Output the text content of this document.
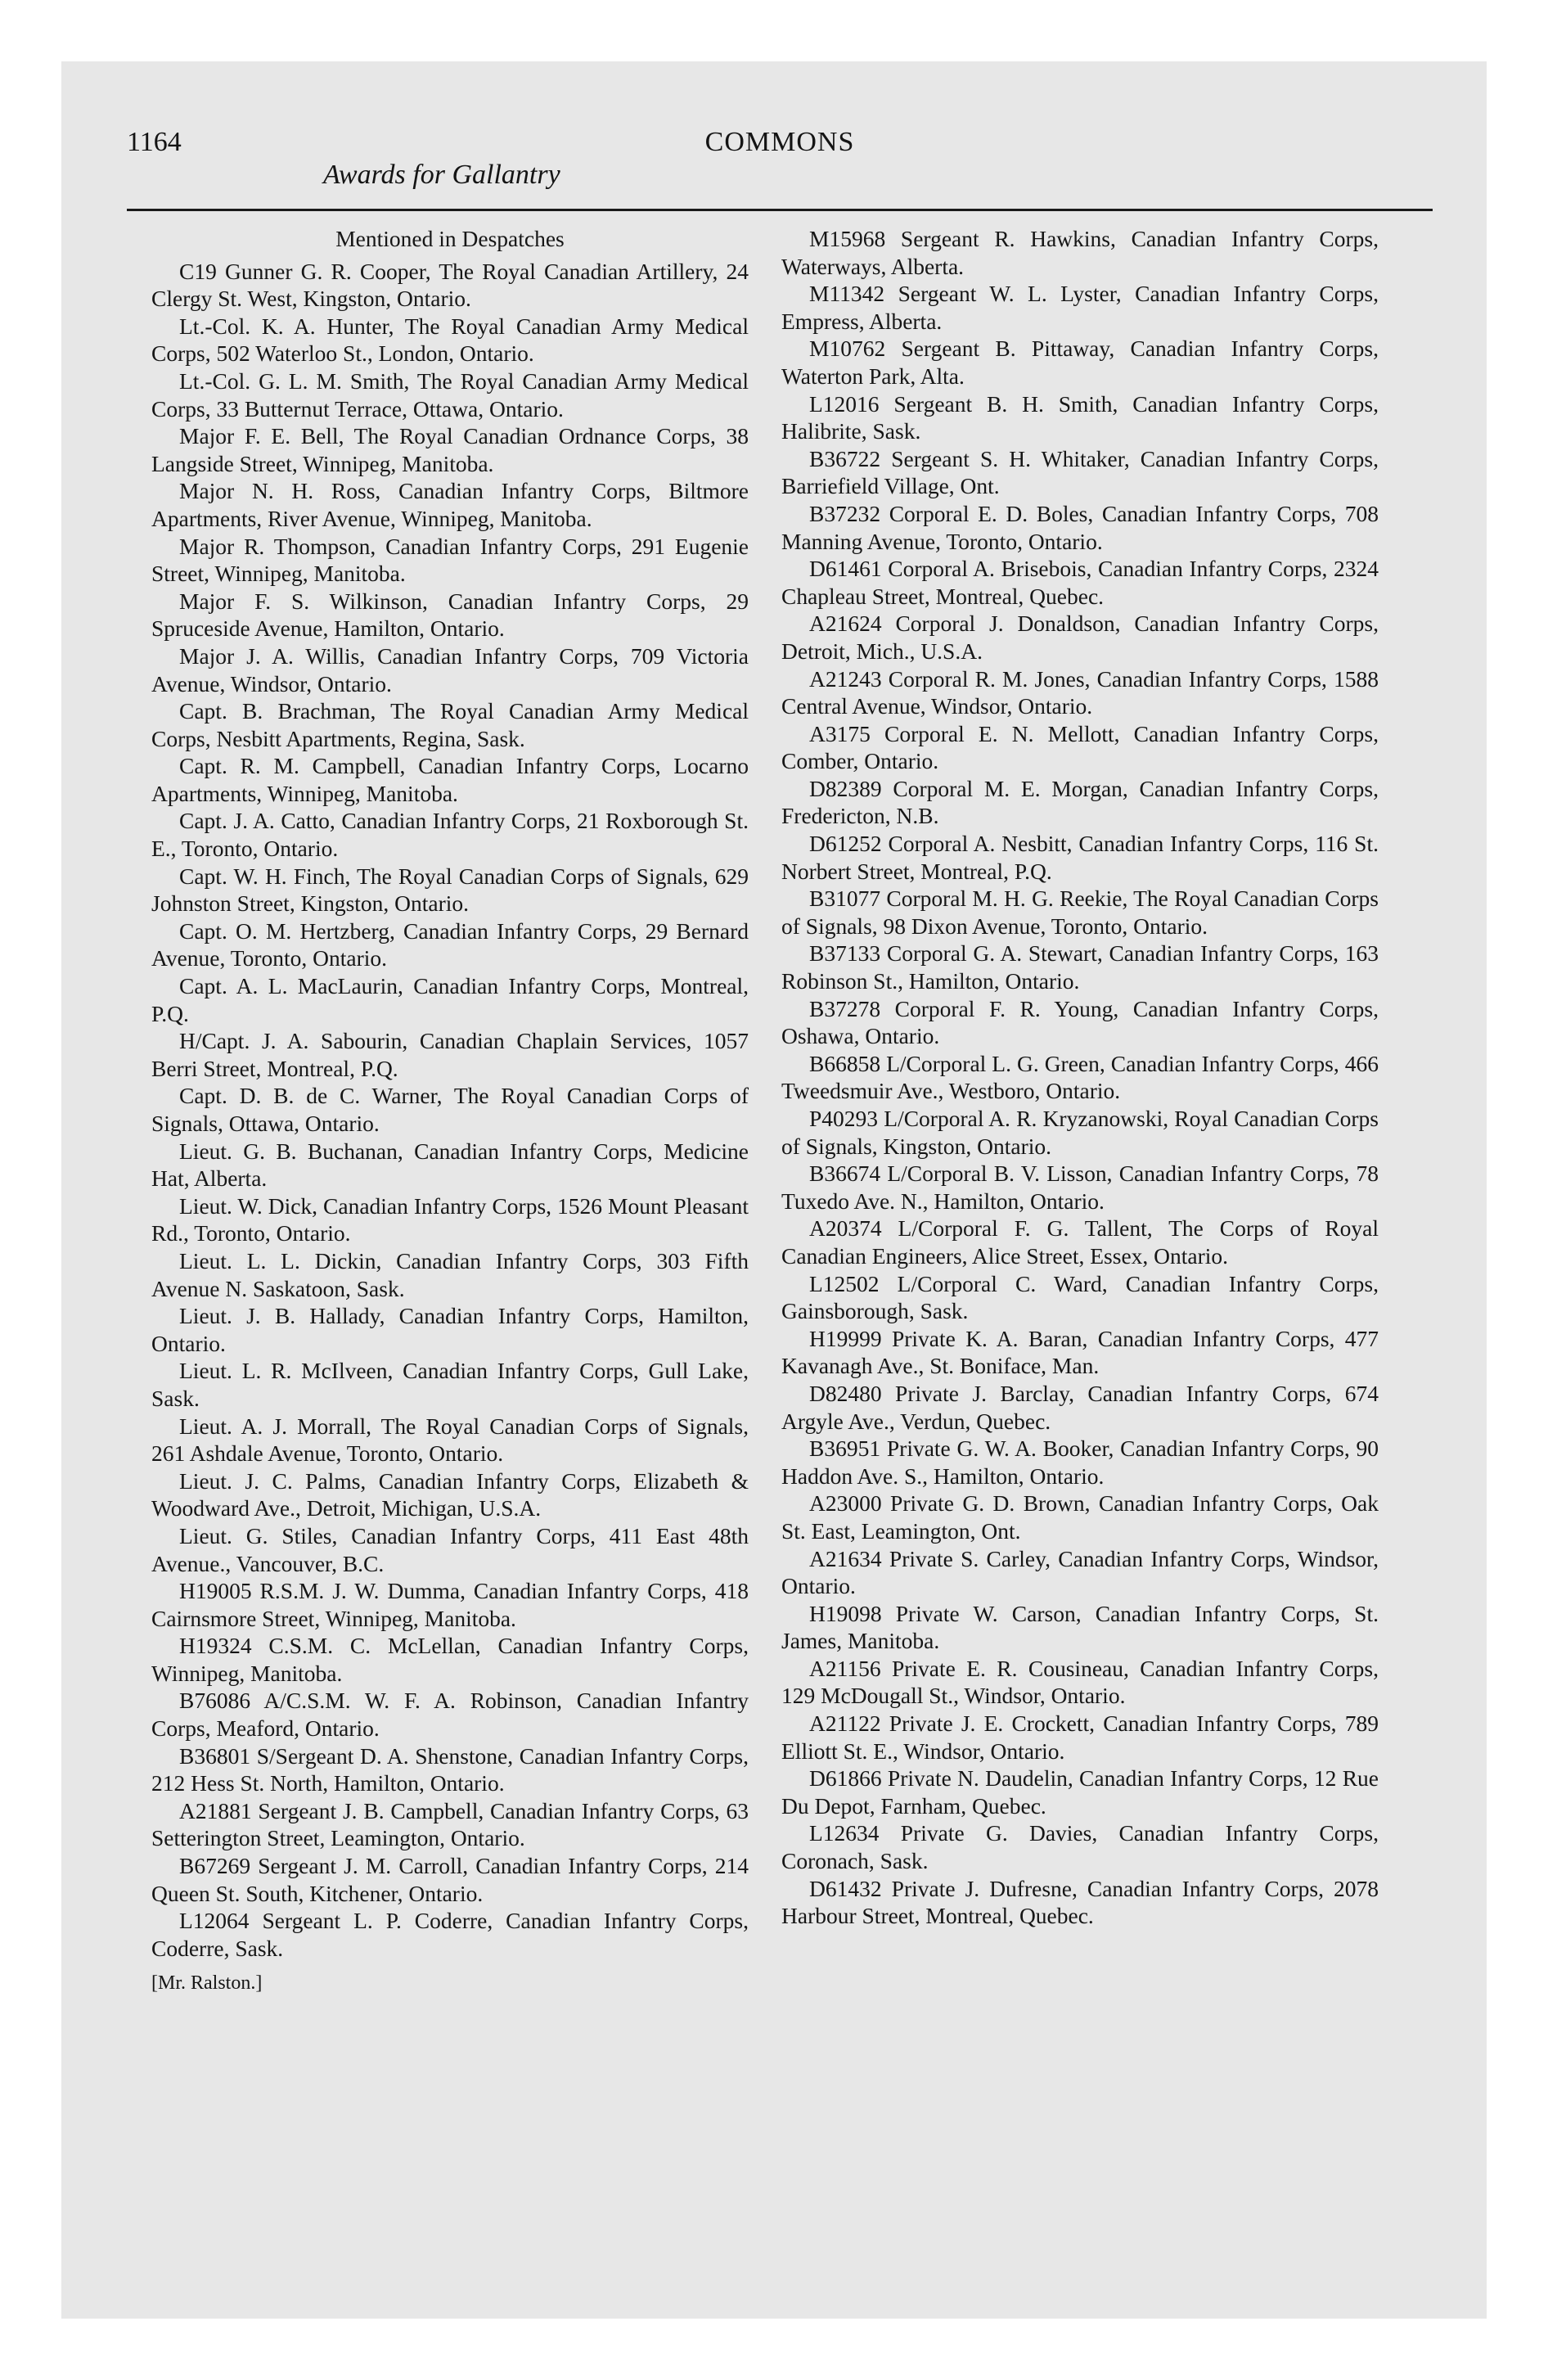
1164	COMMONS
Awards for Gallantry
Mentioned in Despatches

C19 Gunner G. R. Cooper, The Royal Canadian Artillery, 24 Clergy St. West, Kingston, Ontario.

Lt.-Col. K. A. Hunter, The Royal Canadian Army Medical Corps, 502 Waterloo St., London, Ontario.

Lt.-Col. G. L. M. Smith, The Royal Canadian Army Medical Corps, 33 Butternut Terrace, Ottawa, Ontario.

Major F. E. Bell, The Royal Canadian Ordnance Corps, 38 Langside Street, Winnipeg, Manitoba.

Major N. H. Ross, Canadian Infantry Corps, Biltmore Apartments, River Avenue, Winnipeg, Manitoba.

Major R. Thompson, Canadian Infantry Corps, 291 Eugenie Street, Winnipeg, Manitoba.

Major F. S. Wilkinson, Canadian Infantry Corps, 29 Spruceside Avenue, Hamilton, Ontario.

Major J. A. Willis, Canadian Infantry Corps, 709 Victoria Avenue, Windsor, Ontario.

Capt. B. Brachman, The Royal Canadian Army Medical Corps, Nesbitt Apartments, Regina, Sask.

Capt. R. M. Campbell, Canadian Infantry Corps, Locarno Apartments, Winnipeg, Manitoba.

Capt. J. A. Catto, Canadian Infantry Corps, 21 Roxborough St. E., Toronto, Ontario.

Capt. W. H. Finch, The Royal Canadian Corps of Signals, 629 Johnston Street, Kingston, Ontario.

Capt. O. M. Hertzberg, Canadian Infantry Corps, 29 Bernard Avenue, Toronto, Ontario.

Capt. A. L. MacLaurin, Canadian Infantry Corps, Montreal, P.Q.

H/Capt. J. A. Sabourin, Canadian Chaplain Services, 1057 Berri Street, Montreal, P.Q.

Capt. D. B. de C. Warner, The Royal Canadian Corps of Signals, Ottawa, Ontario.

Lieut. G. B. Buchanan, Canadian Infantry Corps, Medicine Hat, Alberta.

Lieut. W. Dick, Canadian Infantry Corps, 1526 Mount Pleasant Rd., Toronto, Ontario.

Lieut. L. L. Dickin, Canadian Infantry Corps, 303 Fifth Avenue N. Saskatoon, Sask.

Lieut. J. B. Hallady, Canadian Infantry Corps, Hamilton, Ontario.

Lieut. L. R. McIlveen, Canadian Infantry Corps, Gull Lake, Sask.

Lieut. A. J. Morrall, The Royal Canadian Corps of Signals, 261 Ashdale Avenue, Toronto, Ontario.

Lieut. J. C. Palms, Canadian Infantry Corps, Elizabeth & Woodward Ave., Detroit, Michigan, U.S.A.

Lieut. G. Stiles, Canadian Infantry Corps, 411 East 48th Avenue., Vancouver, B.C.

H19005 R.S.M. J. W. Dumma, Canadian Infantry Corps, 418 Cairnsmore Street, Winnipeg, Manitoba.

H19324 C.S.M. C. McLellan, Canadian Infantry Corps, Winnipeg, Manitoba.

B76086 A/C.S.M. W. F. A. Robinson, Canadian Infantry Corps, Meaford, Ontario.

B36801 S/Sergeant D. A. Shenstone, Canadian Infantry Corps, 212 Hess St. North, Hamilton, Ontario.

A21881 Sergeant J. B. Campbell, Canadian Infantry Corps, 63 Setterington Street, Leamington, Ontario.

B67269 Sergeant J. M. Carroll, Canadian Infantry Corps, 214 Queen St. South, Kitchener, Ontario.

L12064 Sergeant L. P. Coderre, Canadian Infantry Corps, Coderre, Sask.

[Mr. Ralston.]

M15968 Sergeant R. Hawkins, Canadian Infantry Corps, Waterways, Alberta.

M11342 Sergeant W. L. Lyster, Canadian Infantry Corps, Empress, Alberta.

M10762 Sergeant B. Pittaway, Canadian Infantry Corps, Waterton Park, Alta.

L12016 Sergeant B. H. Smith, Canadian Infantry Corps, Halibrite, Sask.

B36722 Sergeant S. H. Whitaker, Canadian Infantry Corps, Barriefield Village, Ont.

B37232 Corporal E. D. Boles, Canadian Infantry Corps, 708 Manning Avenue, Toronto, Ontario.

D61461 Corporal A. Brisebois, Canadian Infantry Corps, 2324 Chapleau Street, Montreal, Quebec.

A21624 Corporal J. Donaldson, Canadian Infantry Corps, Detroit, Mich., U.S.A.

A21243 Corporal R. M. Jones, Canadian Infantry Corps, 1588 Central Avenue, Windsor, Ontario.

A3175 Corporal E. N. Mellott, Canadian Infantry Corps, Comber, Ontario.

D82389 Corporal M. E. Morgan, Canadian Infantry Corps, Fredericton, N.B.

D61252 Corporal A. Nesbitt, Canadian Infantry Corps, 116 St. Norbert Street, Montreal, P.Q.

B31077 Corporal M. H. G. Reekie, The Royal Canadian Corps of Signals, 98 Dixon Avenue, Toronto, Ontario.

B37133 Corporal G. A. Stewart, Canadian Infantry Corps, 163 Robinson St., Hamilton, Ontario.

B37278 Corporal F. R. Young, Canadian Infantry Corps, Oshawa, Ontario.

B66858 L/Corporal L. G. Green, Canadian Infantry Corps, 466 Tweedsmuir Ave., Westboro, Ontario.

P40293 L/Corporal A. R. Kryzanowski, Royal Canadian Corps of Signals, Kingston, Ontario.

B36674 L/Corporal B. V. Lisson, Canadian Infantry Corps, 78 Tuxedo Ave. N., Hamilton, Ontario.

A20374 L/Corporal F. G. Tallent, The Corps of Royal Canadian Engineers, Alice Street, Essex, Ontario.

L12502 L/Corporal C. Ward, Canadian Infantry Corps, Gainsborough, Sask.

H19999 Private K. A. Baran, Canadian Infantry Corps, 477 Kavanagh Ave., St. Boniface, Man.

D82480 Private J. Barclay, Canadian Infantry Corps, 674 Argyle Ave., Verdun, Quebec.

B36951 Private G. W. A. Booker, Canadian Infantry Corps, 90 Haddon Ave. S., Hamilton, Ontario.

A23000 Private G. D. Brown, Canadian Infantry Corps, Oak St. East, Leamington, Ont.

A21634 Private S. Carley, Canadian Infantry Corps, Windsor, Ontario.

H19098 Private W. Carson, Canadian Infantry Corps, St. James, Manitoba.

A21156 Private E. R. Cousineau, Canadian Infantry Corps, 129 McDougall St., Windsor, Ontario.

A21122 Private J. E. Crockett, Canadian Infantry Corps, 789 Elliott St. E., Windsor, Ontario.

D61866 Private N. Daudelin, Canadian Infantry Corps, 12 Rue Du Depot, Farnham, Quebec.

L12634 Private G. Davies, Canadian Infantry Corps, Coronach, Sask.

D61432 Private J. Dufresne, Canadian Infantry Corps, 2078 Harbour Street, Montreal, Quebec.
